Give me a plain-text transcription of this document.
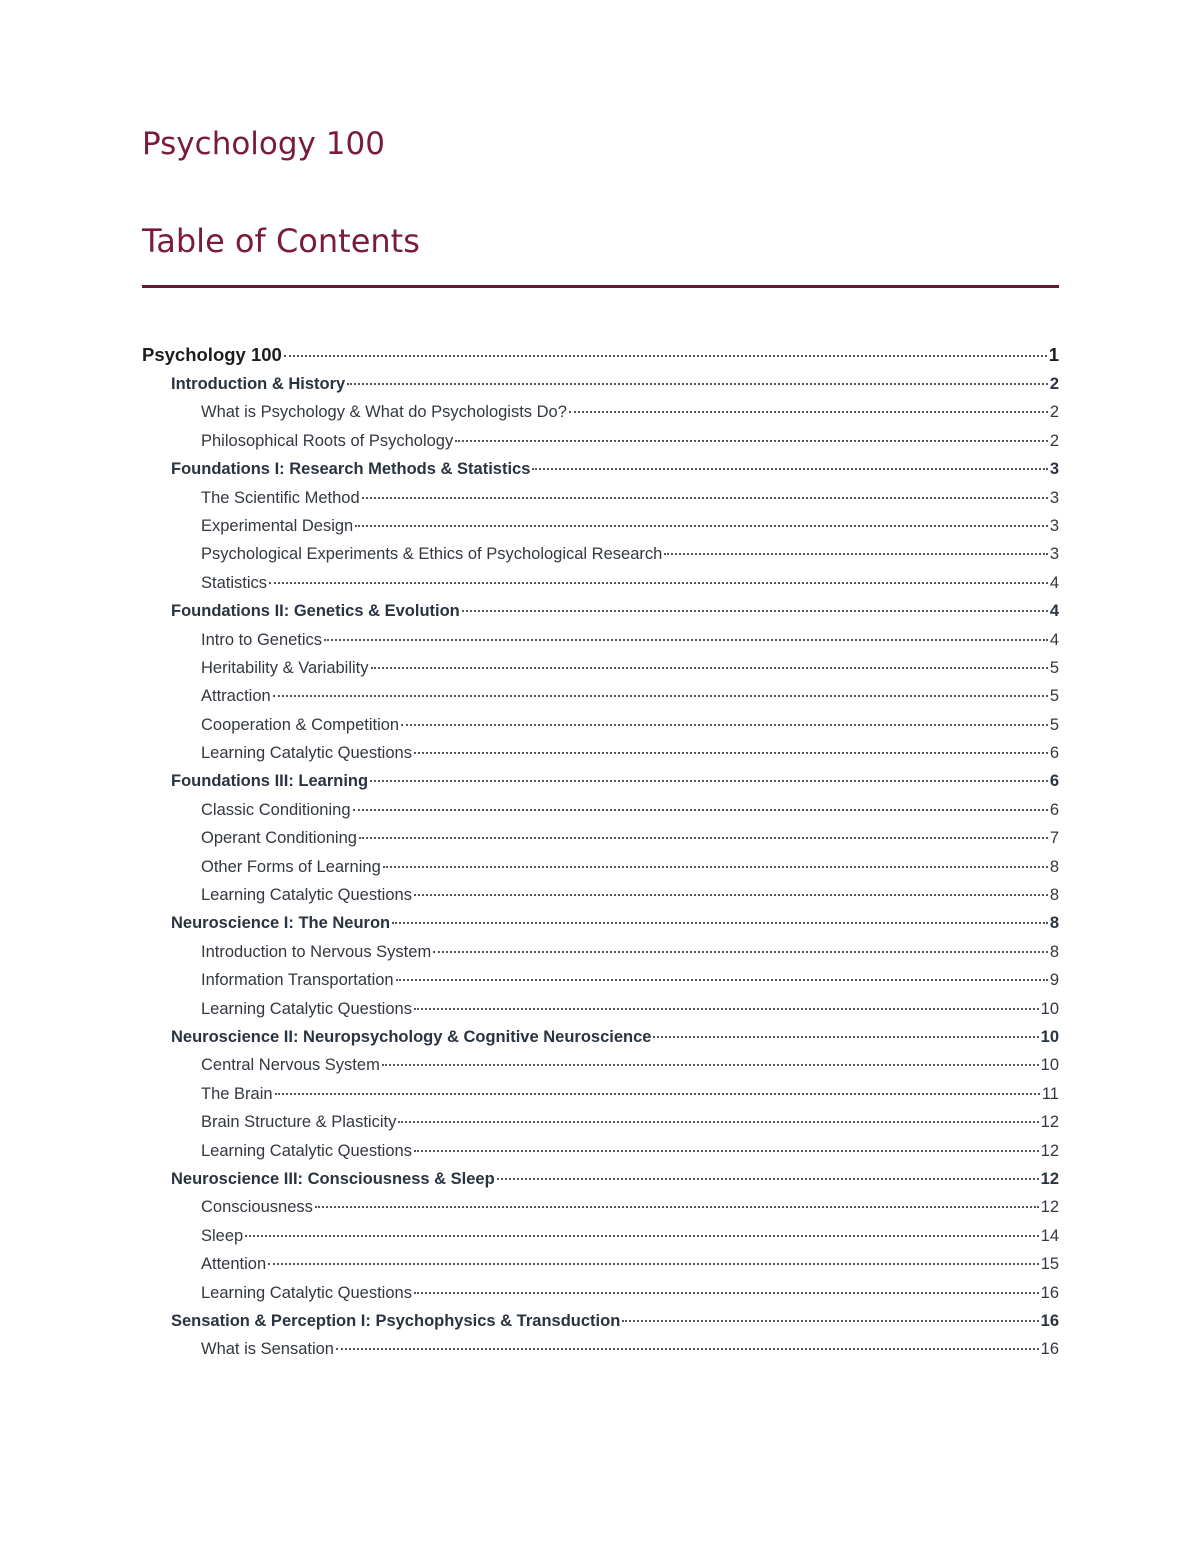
Psychology 100
Table of Contents
Psychology 100	1
Introduction & History	2
What is Psychology & What do Psychologists Do?	2
Philosophical Roots of Psychology	2
Foundations I: Research Methods & Statistics	3
The Scientific Method	3
Experimental Design	3
Psychological Experiments & Ethics of Psychological Research	3
Statistics	4
Foundations II: Genetics & Evolution	4
Intro to Genetics	4
Heritability & Variability	5
Attraction	5
Cooperation & Competition	5
Learning Catalytic Questions	6
Foundations III: Learning	6
Classic Conditioning	6
Operant Conditioning	7
Other Forms of Learning	8
Learning Catalytic Questions	8
Neuroscience I: The Neuron	8
Introduction to Nervous System	8
Information Transportation	9
Learning Catalytic Questions	10
Neuroscience II: Neuropsychology & Cognitive Neuroscience	10
Central Nervous System	10
The Brain	11
Brain Structure & Plasticity	12
Learning Catalytic Questions	12
Neuroscience III: Consciousness & Sleep	12
Consciousness	12
Sleep	14
Attention	15
Learning Catalytic Questions	16
Sensation & Perception I: Psychophysics & Transduction	16
What is Sensation	16
